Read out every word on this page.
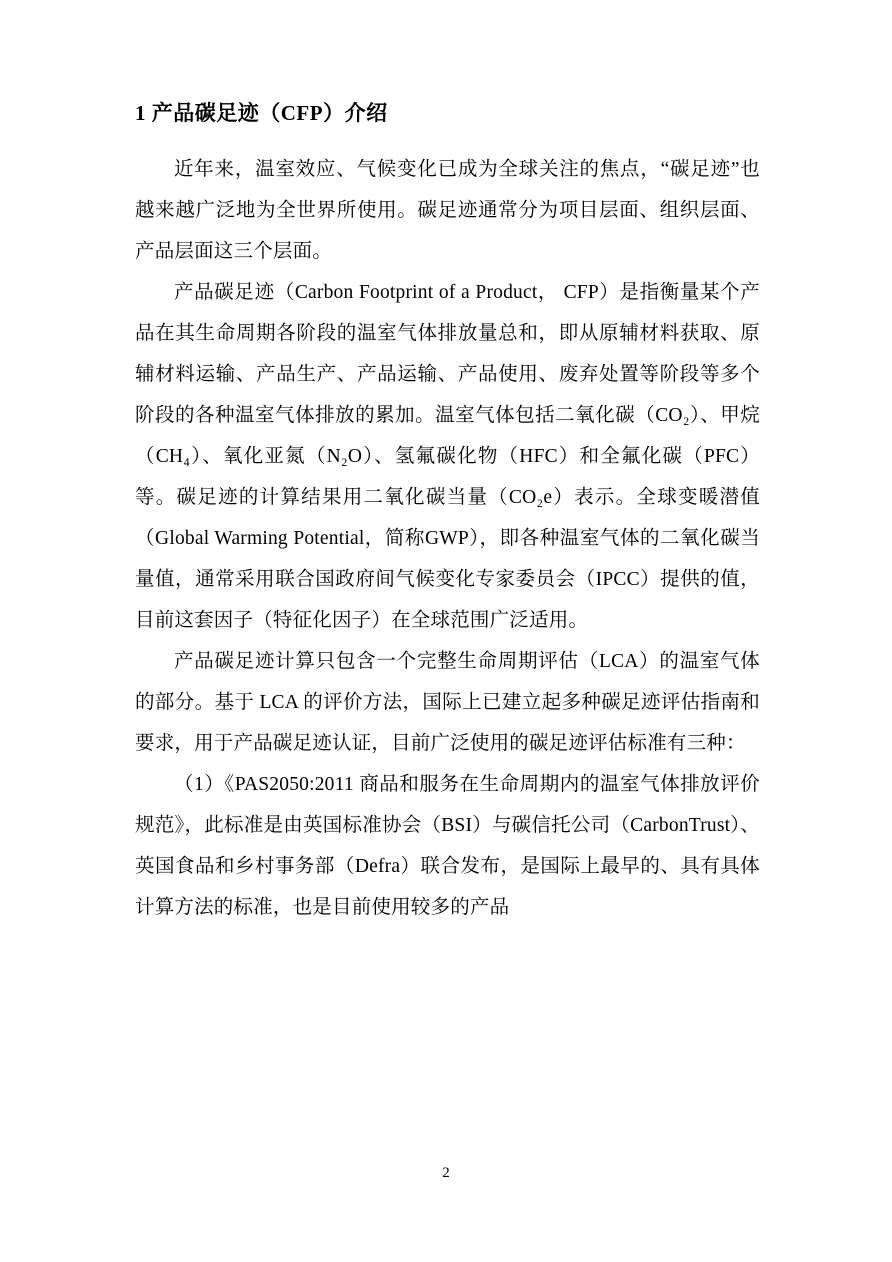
1 产品碳足迹（CFP）介绍

近年来，温室效应、气候变化已成为全球关注的焦点，“碳足迹”也越来越广泛地为全世界所使用。碳足迹通常分为项目层面、组织层面、产品层面这三个层面。

产品碳足迹（Carbon Footprint of a Product， CFP）是指衡量某个产品在其生命周期各阶段的温室气体排放量总和，即从原辅材料获取、原辅材料运输、产品生产、产品运输、产品使用、废弃处置等阶段等多个阶段的各种温室气体排放的累加。温室气体包括二氧化碳（CO₂）、甲烷（CH₄）、氧化亚氮（N₂O）、氢氟碳化物（HFC）和全氟化碳（PFC）等。碳足迹的计算结果用二氧化碳当量（CO₂e）表示。全球变暖潜值（Global Warming Potential，简称GWP），即各种温室气体的二氧化碳当量值，通常采用联合国政府间气候变化专家委员会（IPCC）提供的值，目前这套因子（特征化因子）在全球范围广泛适用。

产品碳足迹计算只包含一个完整生命周期评估（LCA）的温室气体的部分。基于 LCA 的评价方法，国际上已建立起多种碳足迹评估指南和要求，用于产品碳足迹认证，目前广泛使用的碳足迹评估标准有三种：

（1）《PAS2050:2011 商品和服务在生命周期内的温室气体排放评价规范》，此标准是由英国标准协会（BSI）与碳信托公司（CarbonTrust）、英国食品和乡村事务部（Defra）联合发布，是国际上最早的、具有具体计算方法的标准，也是目前使用较多的产品

2
